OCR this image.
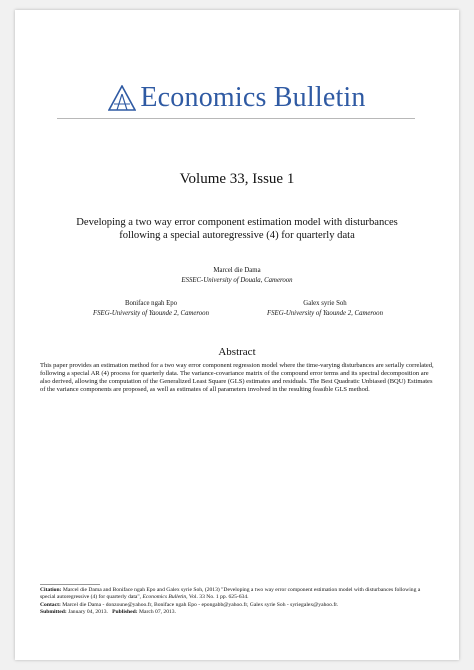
Economics Bulletin
Volume 33, Issue 1
Developing a two way error component estimation model with disturbances
following a special autoregressive (4) for quarterly data
Marcel die Dama
ESSEC-University of Douala, Cameroon
Boniface ngah Epo
FSEG-University of Yaounde 2, Cameroon
Galex syrie Soh
FSEG-University of Yaounde 2, Cameroon
Abstract
This paper provides an estimation method for a two way error component regression model where the time-varying disturbances are serially correlated, following a special AR (4) process for quarterly data. The variance-covariance matrix of the compound error terms and its spectral decomposition are also derived, allowing the computation of the Generalized Least Square (GLS) estimates and residuals. The Best Quadratic Unbiased (BQU) Estimates of the variance components are proposed, as well as estimates of all parameters involved in the resulting feasible GLS method.
Citation: Marcel die Dama and Boniface ngah Epo and Galex syrie Soh, (2013) "Developing a two way error component estimation model with disturbances following a special autoregressive (4) for quarterly data", Economics Bulletin, Vol. 33 No. 1 pp. 625-634.
Contact: Marcel die Dama - donzoune@yahoo.fr, Boniface ngah Epo - epongabb@yahoo.fr, Galex syrie Soh - syriegalex@yahoo.fr.
Submitted: January 04, 2013. Published: March 07, 2013.
